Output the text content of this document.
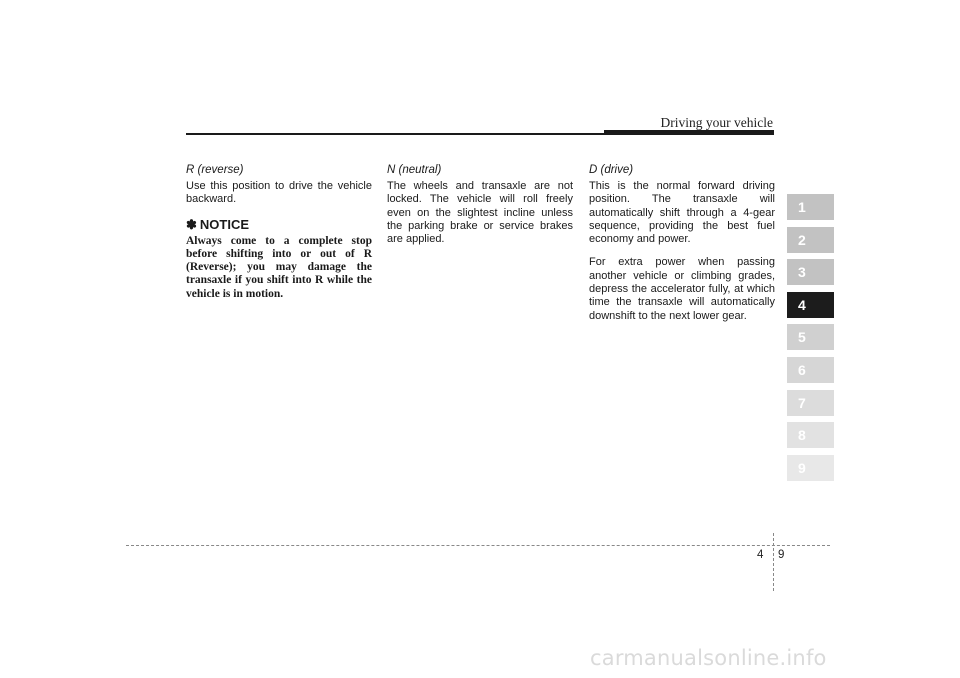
Driving your vehicle
R (reverse)

Use this position to drive the vehicle backward.

✽ NOTICE

Always come to a complete stop before shifting into or out of R (Reverse); you may damage the transaxle if you shift into R while the vehicle is in motion.

N (neutral)

The wheels and transaxle are not locked. The vehicle will roll freely even on the slightest incline unless the parking brake or service brakes are applied.

D (drive)

This is the normal forward driving position. The transaxle will automatically shift through a 4-gear sequence, providing the best fuel economy and power.

For extra power when passing another vehicle or climbing grades, depress the accelerator fully, at which time the transaxle will automatically downshift to the next lower gear.

1
2
3
4
5
6
7
8
9
4 9
carmanualsonline.info
